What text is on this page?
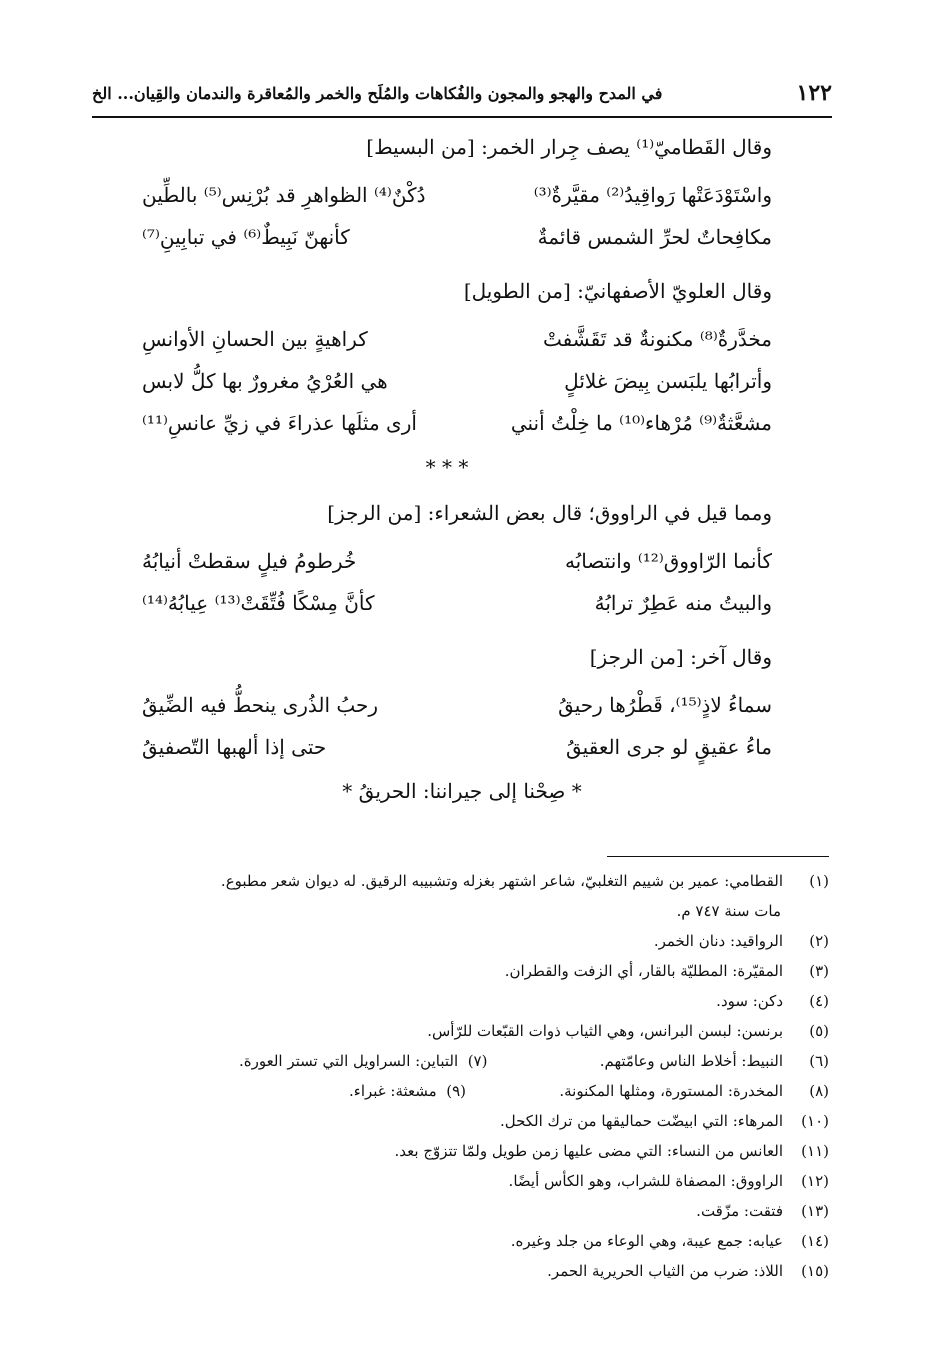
١٢٢
في المدح والهجو والمجون والفُكاهات والمُلَح والخمر والمُعاقرة والندمان والقِيان... الخ
وقال القَطاميّ⁽¹⁾ يصف جِرار الخمر: [من البسيط]
واسْتَوْدَعَتْها رَواقِيدُ⁽²⁾ مقيَّرةٌ⁽³⁾
دُكْنٌ⁽⁴⁾ الظواهرِ قد بُرْنِس⁽⁵⁾ بالطِّين
مكافِحاتٌ لحرِّ الشمس قائمةٌ
كأنهنّ نَبِيطٌ⁽⁶⁾ في تبابِينِ⁽⁷⁾
وقال العلويّ الأصفهانيّ: [من الطويل]
مخدَّرةٌ⁽⁸⁾ مكنونةٌ قد تَقَشَّفتْ
كراهيةٍ بين الحسانِ الأوانسِ
وأترابُها يلبَسن بِيضَ غلائلٍ
هي العُرْيُ مغرورٌ بها كلُّ لابس
مشعَّثةٌ⁽⁹⁾ مُرْهاء⁽¹⁰⁾ ما خِلْتُ أنني
أرى مثلَها عذراءَ في زيِّ عانسِ⁽¹¹⁾
* * *
ومما قيل في الراووق؛ قال بعض الشعراء: [من الرجز]
كأنما الرّاووق⁽¹²⁾ وانتصابُه
خُرطومُ فيلٍ سقطتْ أنيابُهُ
والبيتُ منه عَطِرٌ ترابُهُ
كأنَّ مِسْكًا فُتِّقَتْ⁽¹³⁾ عِيابُهُ⁽¹⁴⁾
وقال آخر: [من الرجز]
سماءُ لاذٍ⁽¹⁵⁾، قَطْرُها رحيقُ
رحبُ الذُرى ينحطُّ فيه الضِّيقُ
ماءُ عقيقٍ لو جرى العقيقُ
حتى إذا ألهبها التّصفيقُ
* صِحْنا إلى جيراننا: الحريقُ *
(١)القطامي: عمير بن شييم التغلبيّ، شاعر اشتهر بغزله وتشبيبه الرقيق. له ديوان شعر مطبوع.
مات سنة ٧٤٧ م.
(٢)الرواقيد: دنان الخمر.
(٣)المقيّرة: المطليّة بالقار، أي الزفت والقطران.
(٤)دكن: سود.
(٥)برنسن: لبسن البرانس، وهي الثياب ذوات القبّعات للرّأس.
(٦)النبيط: أخلاط الناس وعامّتهم.
(٧)  التباين: السراويل التي تستر العورة.
(٨)المخدرة: المستورة، ومثلها المكنونة.
(٩)  مشعثة: غبراء.
(١٠)المرهاء: التي ابيضّت حماليقها من ترك الكحل.
(١١)العانس من النساء: التي مضى عليها زمن طويل ولمّا تتزوّج بعد.
(١٢)الراووق: المصفاة للشراب، وهو الكأس أيضًا.
(١٣)فتقت: مزّقت.
(١٤)عيابه: جمع عيبة، وهي الوعاء من جلد وغيره.
(١٥)اللاذ: ضرب من الثياب الحريرية الحمر.
